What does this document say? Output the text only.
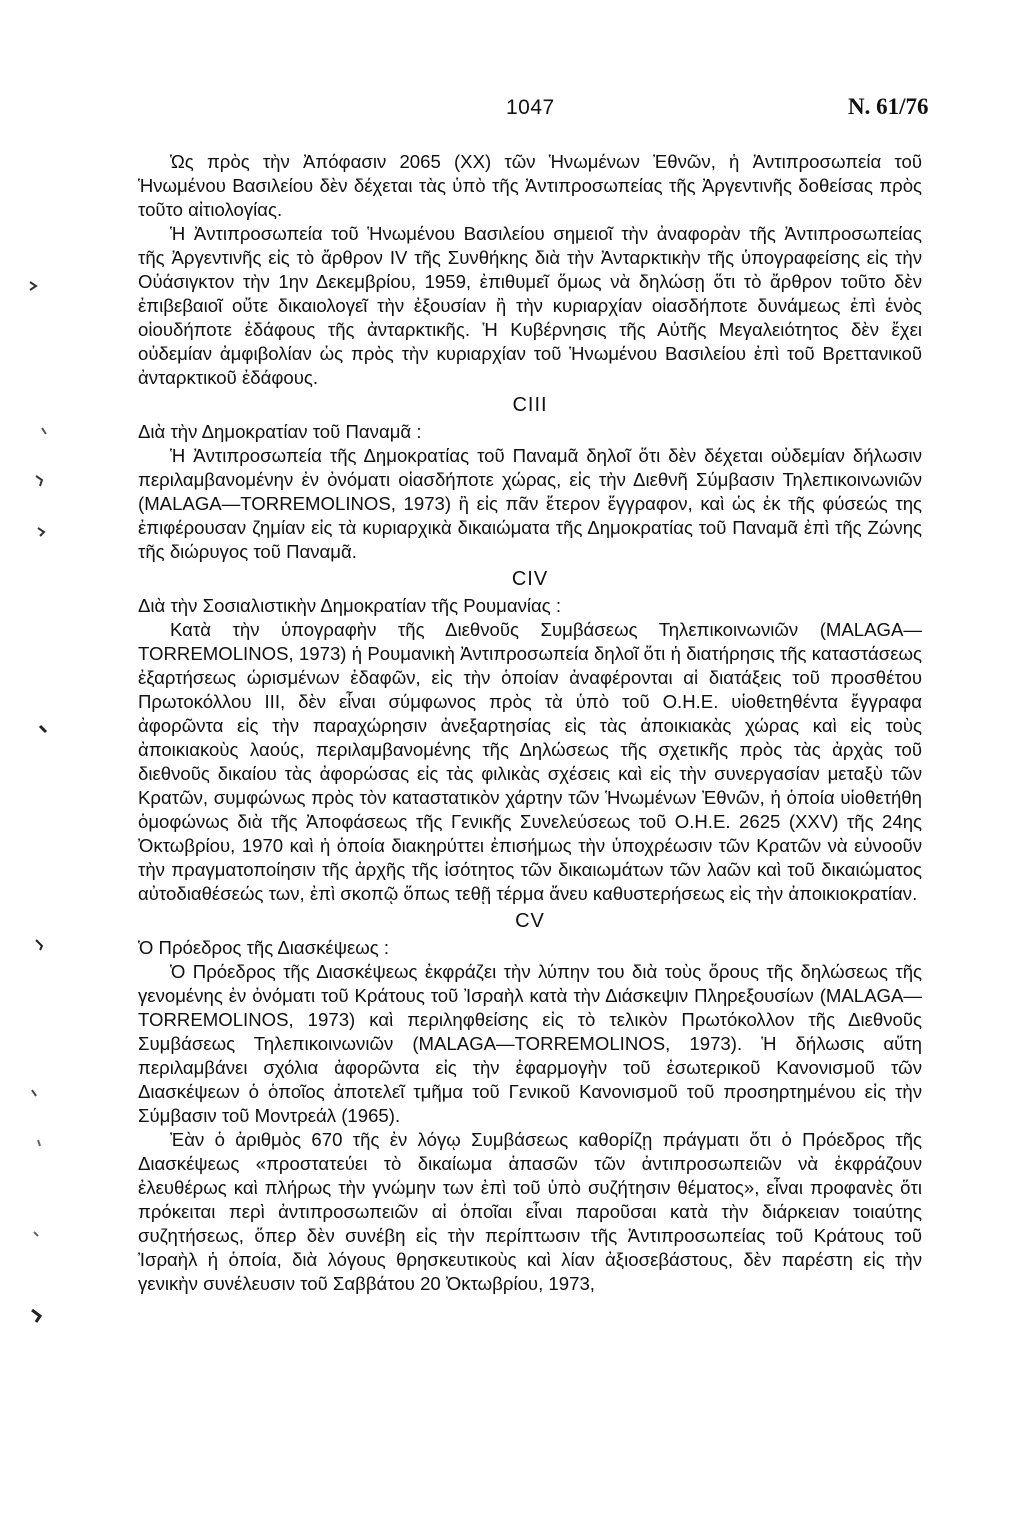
1047	N. 61/76

Ὡς πρὸς τὴν Ἀπόφασιν 2065 (XX) τῶν Ἡνωμένων Ἐθνῶν, ἡ Ἀντιπροσωπεία τοῦ Ἡνωμένου Βασιλείου δὲν δέχεται τὰς ὑπὸ τῆς Ἀντιπροσωπείας τῆς Ἀργεντινῆς δοθείσας πρὸς τοῦτο αἰτιολογίας.

Ἡ Ἀντιπροσωπεία τοῦ Ἡνωμένου Βασιλείου σημειοῖ τὴν ἀναφορὰν τῆς Ἀντιπροσωπείας τῆς Ἀργεντινῆς εἰς τὸ ἄρθρον IV τῆς Συνθήκης διὰ τὴν Ἀνταρκτικὴν τῆς ὑπογραφείσης εἰς τὴν Οὐάσιγκτον τὴν 1ην Δεκεμβρίου, 1959, ἐπιθυμεῖ ὅμως νὰ δηλώσῃ ὅτι τὸ ἄρθρον τοῦτο δὲν ἐπιβεβαιοῖ οὔτε δικαιολογεῖ τὴν ἐξουσίαν ἢ τὴν κυριαρχίαν οἱασδήποτε δυνάμεως ἐπὶ ἑνὸς οἱουδήποτε ἐδάφους τῆς ἀνταρκτικῆς. Ἡ Κυβέρνησις τῆς Αὐτῆς Μεγαλειότητος δὲν ἔχει οὐδεμίαν ἀμφιβολίαν ὡς πρὸς τὴν κυριαρχίαν τοῦ Ἡνωμένου Βασιλείου ἐπὶ τοῦ Βρεττανικοῦ ἀνταρκτικοῦ ἐδάφους.

CIII

Διὰ τὴν Δημοκρατίαν τοῦ Παναμᾶ :

Ἡ Ἀντιπροσωπεία τῆς Δημοκρατίας τοῦ Παναμᾶ δηλοῖ ὅτι δὲν δέχεται οὐδεμίαν δήλωσιν περιλαμβανομένην ἐν ὀνόματι οἱασδήποτε χώρας, εἰς τὴν Διεθνῆ Σύμβασιν Τηλεπικοινωνιῶν (MALAGA—TORREMOLINOS, 1973) ἢ εἰς πᾶν ἕτερον ἔγγραφον, καὶ ὡς ἐκ τῆς φύσεώς της ἐπιφέρουσαν ζημίαν εἰς τὰ κυριαρχικὰ δικαιώματα τῆς Δημοκρατίας τοῦ Παναμᾶ ἐπὶ τῆς Ζώνης τῆς διώρυγος τοῦ Παναμᾶ.

CIV

Διὰ τὴν Σοσιαλιστικὴν Δημοκρατίαν τῆς Ρουμανίας :

Κατὰ τὴν ὑπογραφὴν τῆς Διεθνοῦς Συμβάσεως Τηλεπικοινωνιῶν (MALAGA—TORREMOLINOS, 1973) ἡ Ρουμανικὴ Ἀντιπροσωπεία δηλοῖ ὅτι ἡ διατήρησις τῆς καταστάσεως ἐξαρτήσεως ὡρισμένων ἐδαφῶν, εἰς τὴν ὁποίαν ἀναφέρονται αἱ διατάξεις τοῦ προσθέτου Πρωτοκόλλου III, δὲν εἶναι σύμφωνος πρὸς τὰ ὑπὸ τοῦ Ο.Η.Ε. υἱοθετηθέντα ἔγγραφα ἀφορῶντα εἰς τὴν παραχώρησιν ἀνεξαρτησίας εἰς τὰς ἀποικιακὰς χώρας καὶ εἰς τοὺς ἀποικιακοὺς λαούς, περιλαμβανομένης τῆς Δηλώσεως τῆς σχετικῆς πρὸς τὰς ἀρχὰς τοῦ διεθνοῦς δικαίου τὰς ἀφορώσας εἰς τὰς φιλικὰς σχέσεις καὶ εἰς τὴν συνεργασίαν μεταξὺ τῶν Κρατῶν, συμφώνως πρὸς τὸν καταστατικὸν χάρτην τῶν Ἡνωμένων Ἐθνῶν, ἡ ὁποία υἱοθετήθη ὁμοφώνως διὰ τῆς Ἀποφάσεως τῆς Γενικῆς Συνελεύσεως τοῦ Ο.Η.Ε. 2625 (XXV) τῆς 24ης Ὀκτωβρίου, 1970 καὶ ἡ ὁποία διακηρύττει ἐπισήμως τὴν ὑποχρέωσιν τῶν Κρατῶν νὰ εὐνοοῦν τὴν πραγματοποίησιν τῆς ἀρχῆς τῆς ἰσότητος τῶν δικαιωμάτων τῶν λαῶν καὶ τοῦ δικαιώματος αὐτοδιαθέσεώς των, ἐπὶ σκοπῷ ὅπως τεθῇ τέρμα ἄνευ καθυστερήσεως εἰς τὴν ἀποικιοκρατίαν.

CV

Ὁ Πρόεδρος τῆς Διασκέψεως :

Ὁ Πρόεδρος τῆς Διασκέψεως ἐκφράζει τὴν λύπην του διὰ τοὺς ὅρους τῆς δηλώσεως τῆς γενομένης ἐν ὀνόματι τοῦ Κράτους τοῦ Ἰσραὴλ κατὰ τὴν Διάσκεψιν Πληρεξουσίων (MALAGA—TORREMOLINOS, 1973) καὶ περιληφθείσης εἰς τὸ τελικὸν Πρωτόκολλον τῆς Διεθνοῦς Συμβάσεως Τηλεπικοινωνιῶν (MALAGA—TORREMOLINOS, 1973). Ἡ δήλωσις αὕτη περιλαμβάνει σχόλια ἀφορῶντα εἰς τὴν ἐφαρμογὴν τοῦ ἐσωτερικοῦ Κανονισμοῦ τῶν Διασκέψεων ὁ ὁποῖος ἀποτελεῖ τμῆμα τοῦ Γενικοῦ Κανονισμοῦ τοῦ προσηρτημένου εἰς τὴν Σύμβασιν τοῦ Μοντρεάλ (1965).

Ἐὰν ὁ ἀριθμὸς 670 τῆς ἐν λόγῳ Συμβάσεως καθορίζῃ πράγματι ὅτι ὁ Πρόεδρος τῆς Διασκέψεως «προστατεύει τὸ δικαίωμα ἁπασῶν τῶν ἀντιπροσωπειῶν νὰ ἐκφράζουν ἐλευθέρως καὶ πλήρως τὴν γνώμην των ἐπὶ τοῦ ὑπὸ συζήτησιν θέματος», εἶναι προφανὲς ὅτι πρόκειται περὶ ἀντιπροσωπειῶν αἱ ὁποῖαι εἶναι παροῦσαι κατὰ τὴν διάρκειαν τοιαύτης συζητήσεως, ὅπερ δὲν συνέβη εἰς τὴν περίπτωσιν τῆς Ἀντιπροσωπείας τοῦ Κράτους τοῦ Ἰσραὴλ ἡ ὁποία, διὰ λόγους θρησκευτικοὺς καὶ λίαν ἀξιοσεβάστους, δὲν παρέστη εἰς τὴν γενικὴν συνέλευσιν τοῦ Σαββάτου 20 Ὀκτωβρίου, 1973,
